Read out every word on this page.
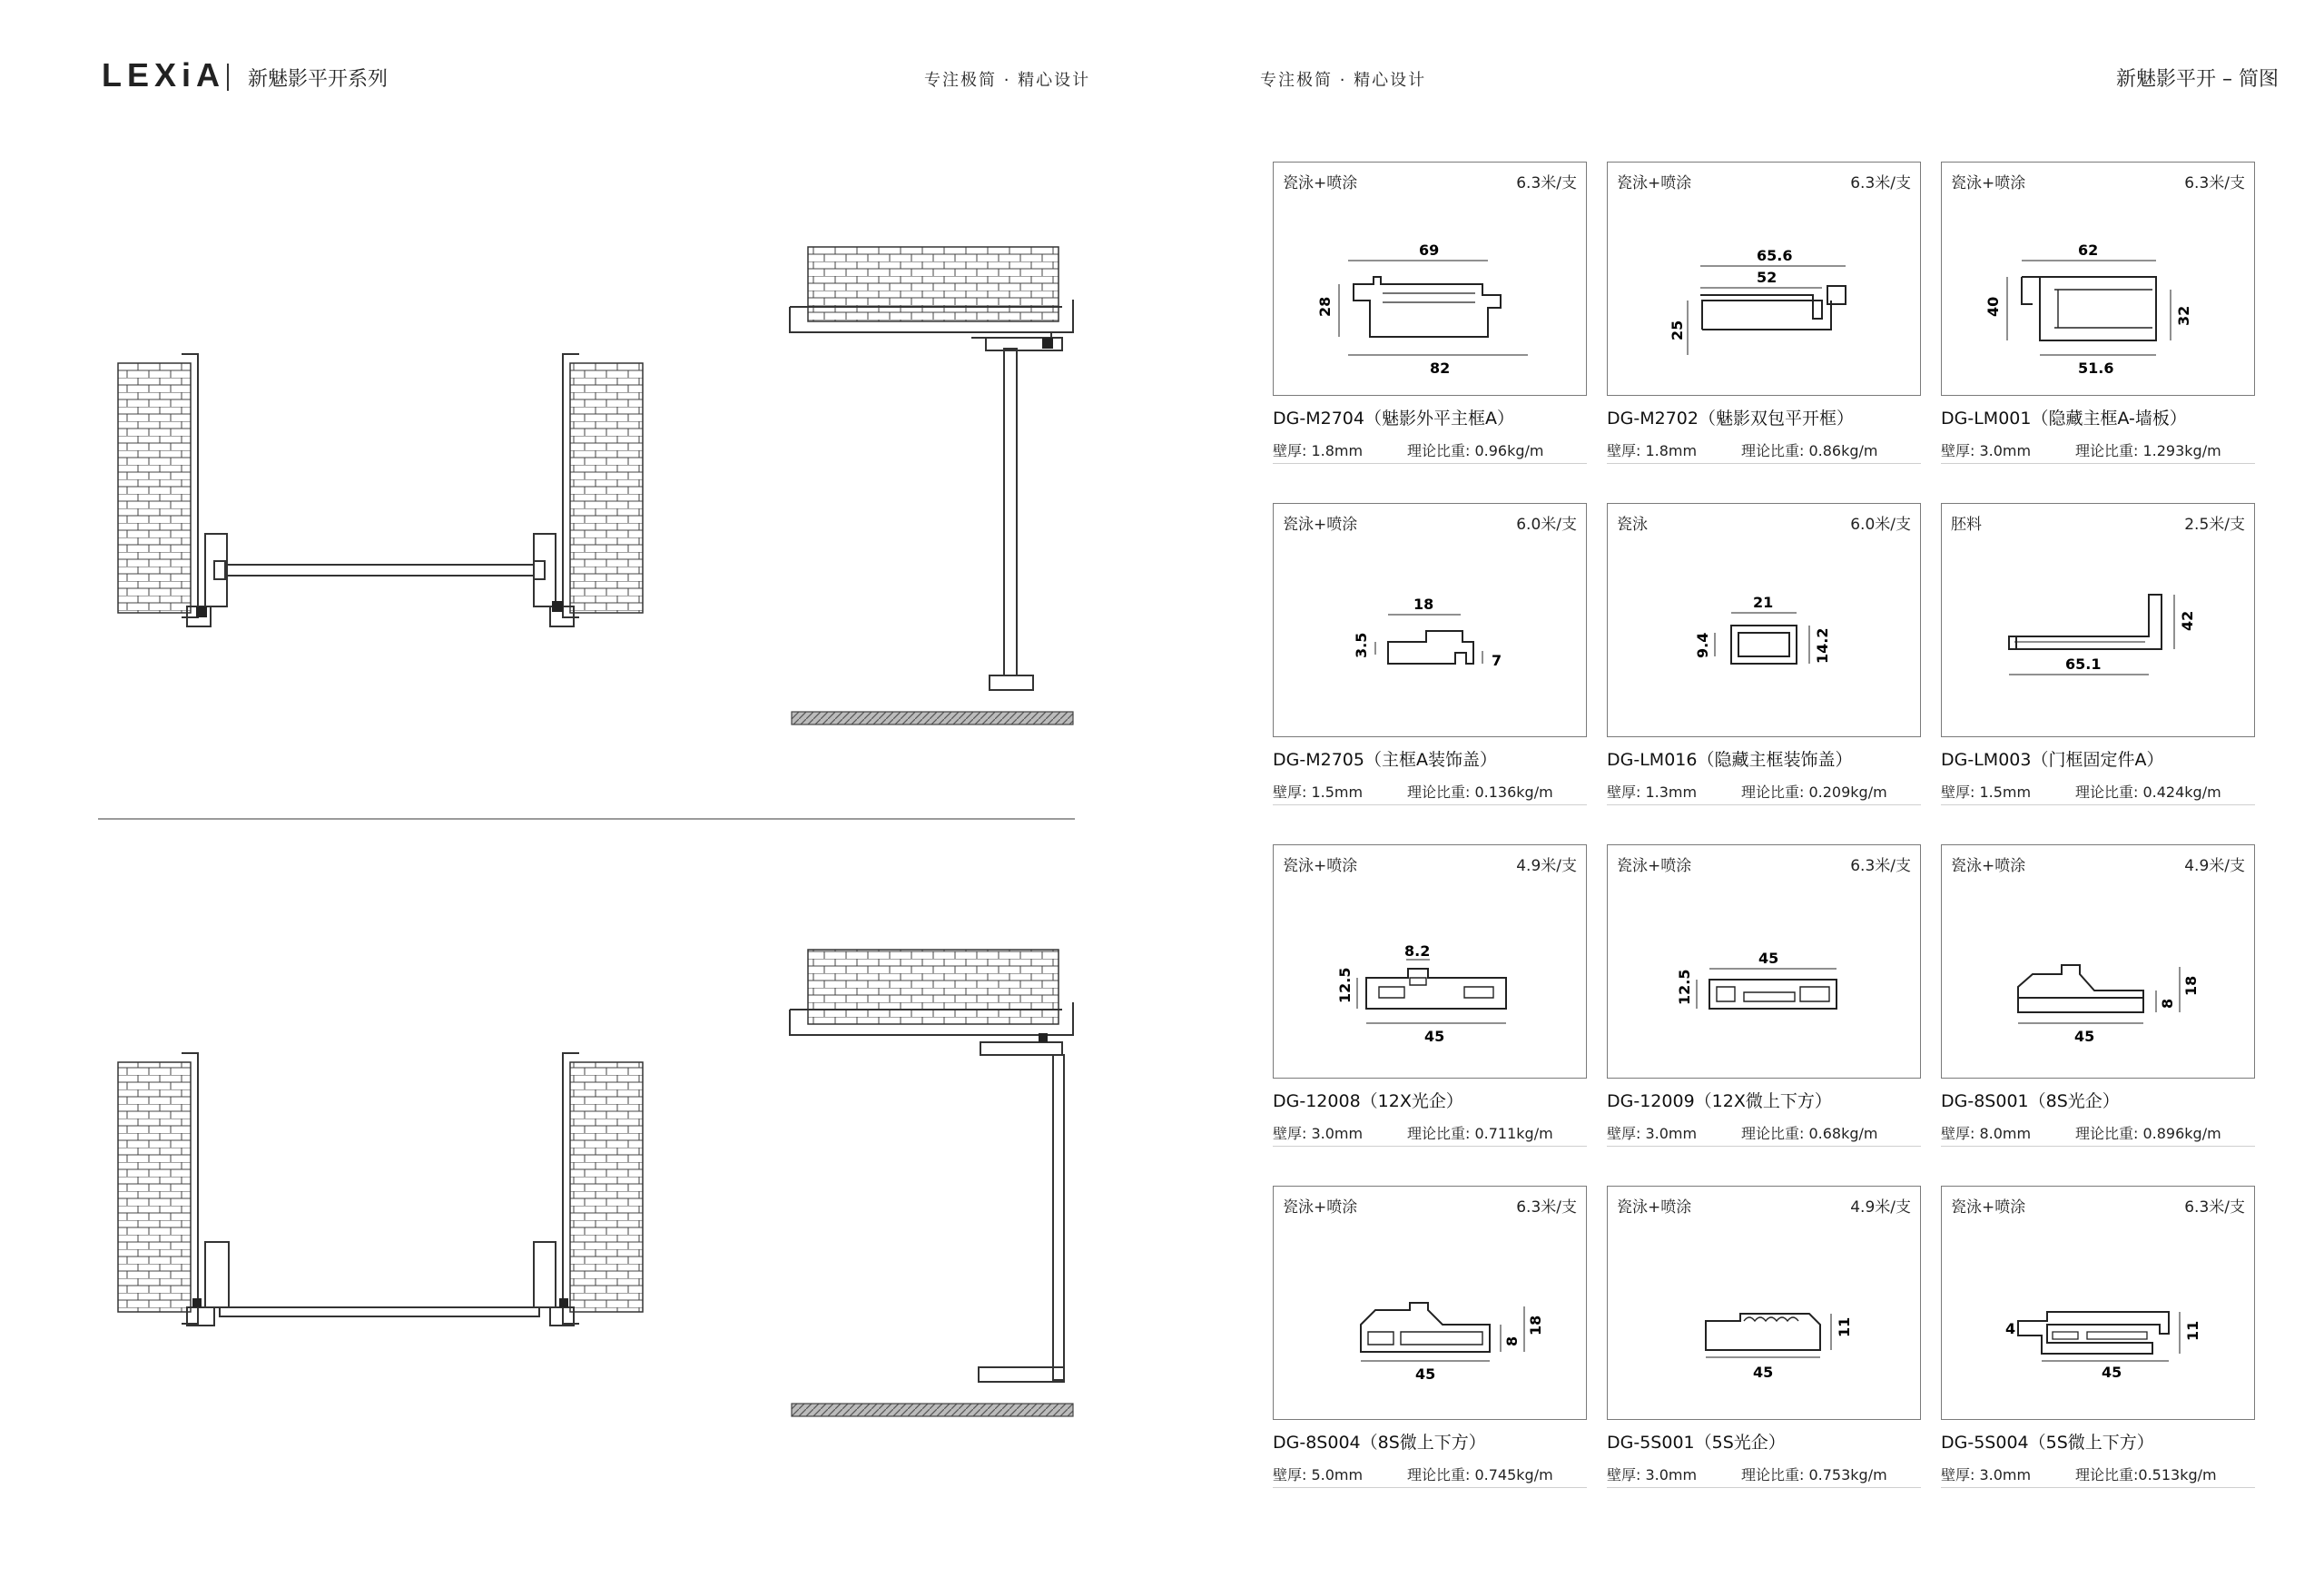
LEXiA 新魅影平开系列	专注极简 · 精心设计	专注极简 · 精心设计	新魅影平开 – 简图
瓷泳+喷涂	6.3米/支
69
82
28
DG-M2704（魅影外平主框A）
壁厚: 1.8mm	理论比重: 0.96kg/m
瓷泳+喷涂	6.3米/支
65.6
52
25
DG-M2702（魅影双包平开框）
壁厚: 1.8mm	理论比重: 0.86kg/m
瓷泳+喷涂	6.3米/支
62
40	32
51.6
DG-LM001（隐藏主框A-墙板）
壁厚: 3.0mm	理论比重: 1.293kg/m
瓷泳+喷涂	6.0米/支
18
3.5
7
DG-M2705（主框A装饰盖）
壁厚: 1.5mm	理论比重: 0.136kg/m
瓷泳	6.0米/支
21
9.4	14.2
DG-LM016（隐藏主框装饰盖）
壁厚: 1.3mm	理论比重: 0.209kg/m
胚料	2.5米/支
65.1
42
DG-LM003（门框固定件A）
壁厚: 1.5mm	理论比重: 0.424kg/m
瓷泳+喷涂	4.9米/支
8.2
12.5
45
DG-12008（12X光企）
壁厚: 3.0mm	理论比重: 0.711kg/m
瓷泳+喷涂	6.3米/支
45
12.5
DG-12009（12X微上下方）
壁厚: 3.0mm	理论比重: 0.68kg/m
瓷泳+喷涂	4.9米/支
45
8
18
DG-8S001（8S光企）
壁厚: 8.0mm	理论比重: 0.896kg/m
瓷泳+喷涂	6.3米/支
45
8
18
DG-8S004（8S微上下方）
壁厚: 5.0mm	理论比重: 0.745kg/m
瓷泳+喷涂	4.9米/支
45
11
DG-5S001（5S光企）
壁厚: 3.0mm	理论比重: 0.753kg/m
瓷泳+喷涂	6.3米/支
4
45
11
DG-5S004（5S微上下方）
壁厚: 3.0mm	理论比重:0.513kg/m
